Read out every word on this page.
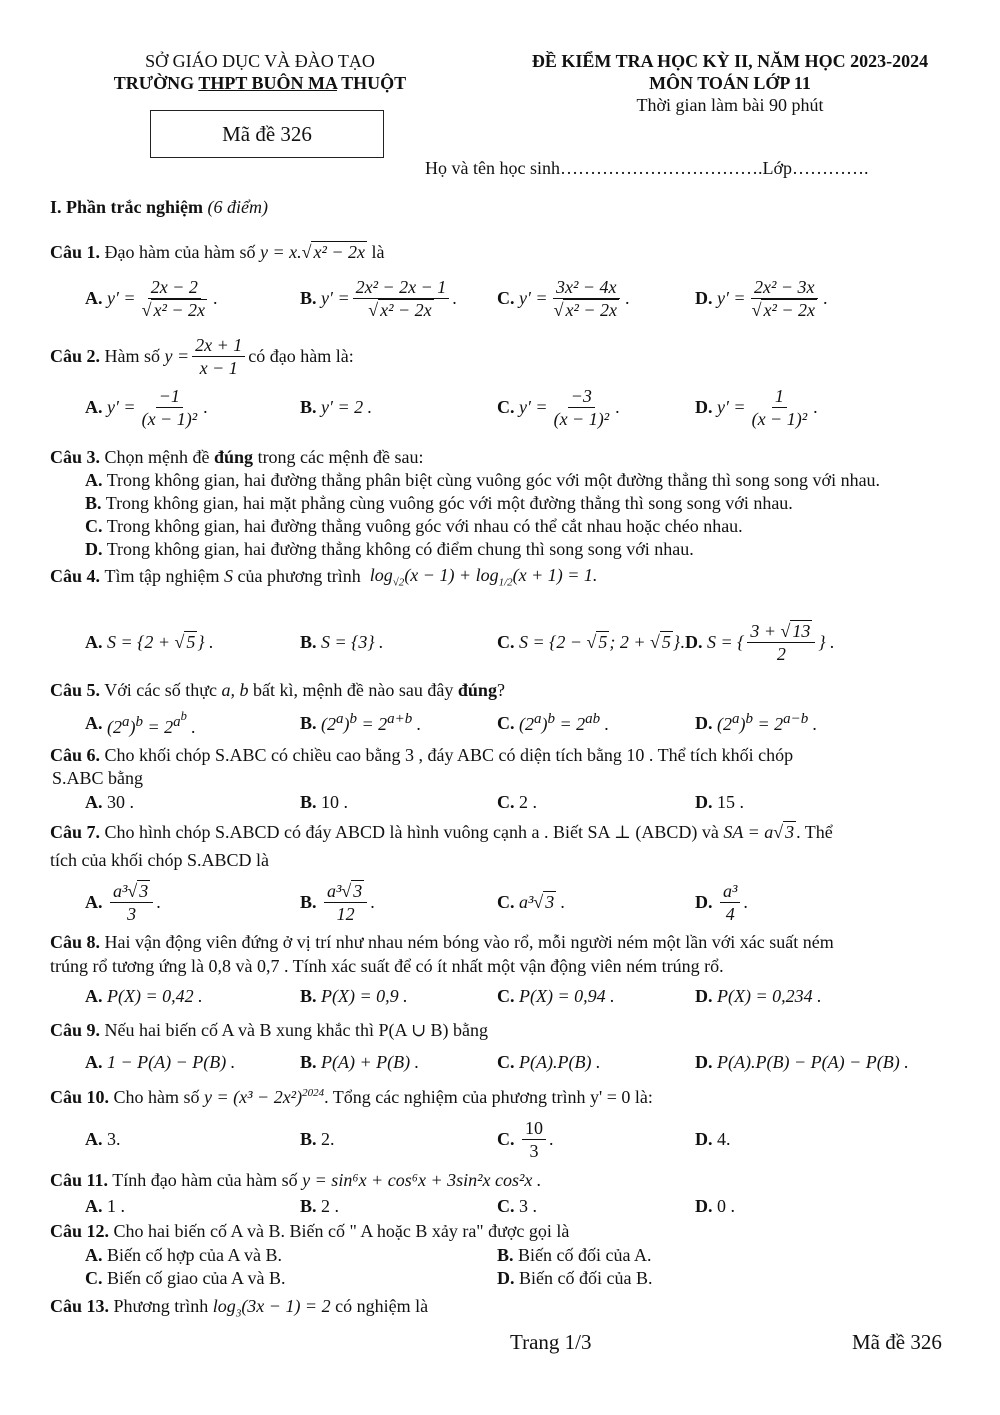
SỞ GIÁO DỤC VÀ ĐÀO TẠO
TRƯỜNG THPT BUÔN MA THUỘT
ĐỀ KIỂM TRA HỌC KỲ II, NĂM HỌC 2023-2024
MÔN TOÁN LỚP 11
Thời gian làm bài 90 phút
Mã đề 326
Họ và tên học sinh…………………………….Lớp………….
I. Phần trắc nghiệm (6 điểm)
Câu 1. Đạo hàm của hàm số y = x.√ x² − 2x là
A.
$y' = \frac{2x - 2}{\text{√ x² − 2x}}$ .	B.
$y' = \frac{\text{2x² − 2x − 1}}{\text{√ x² − 2x}}$ . C.
$y' = \frac{\text{3x² − 4x}}{\text{√ x² − 2x}}$ .	D.
$y' = \frac{\text{2x² − 3x}}{\text{√ x² − 2x}}$ .
Câu 2.
Hàm số
$y = \frac{2x + 1}{x - 1}$ có đạo hàm là:
A.
$y' = \frac{-1}{\text{(x − 1)²}}$ .	B.
y′ = 2 .	C.
$y' = \frac{-3}{\text{(x − 1)²}}$ .	D.
$y' = \frac{1}{\text{(x − 1)²}}$ .
Câu 3. Chọn mệnh đề đúng trong các mệnh đề sau:
A. Trong không gian, hai đường thẳng phân biệt cùng vuông góc với một đường thẳng thì song song với nhau.
B. Trong không gian, hai mặt phẳng cùng vuông góc với một đường thẳng thì song song với nhau.
C. Trong không gian, hai đường thẳng vuông góc với nhau có thể cắt nhau hoặc chéo nhau.
D. Trong không gian, hai đường thẳng không có điểm chung thì song song với nhau.
Câu 4.
Tìm tập nghiệm
S
của phương trình
$\log_{√2}(x - 1) + \log_{1/2}(x + 1) = 1$.
A.
S = {2 + √ 5 } .	B.
S = {3} .	C.
S = {2 − √ 5 ; 2 + √ 5 } . D.
S = { $\frac{3 + √ 13}{2}$ } .
Câu 5. Với các số thực a, b bất kì, mệnh đề nào sau đây đúng?
A.
$(2^a)^b = 2^{a^b}$ .	B.
$(2^a)^b = 2^{a+b}$ .	C.
$(2^a)^b = 2^{ab}$ .	D.
$(2^a)^b = 2^{a-b}$ .
Câu 6. Cho khối chóp S.ABC có chiều cao bằng 3 , đáy ABC có diện tích bằng 10 . Thể tích khối chóp
S.ABC bằng
A. 30 .	B. 10 .	C. 2 .	D. 15 .
Câu 7. Cho hình chóp S.ABCD có đáy ABCD là hình vuông cạnh a . Biết SA ⊥ (ABCD) và SA = a√ 3 . Thể
tích của khối chóp S.ABCD là
A.
$\frac{\text{a³√ 3}}{3}$ .	B.
$\frac{\text{a³√ 3}}{12}$ .	C.
a³√ 3 .	D.
$\frac{\text{a³}}{4}$ .
Câu 8. Hai vận động viên đứng ở vị trí như nhau ném bóng vào rổ, mỗi người ném một lần với xác suất ném
trúng rổ tương ứng là 0,8 và 0,7 . Tính xác suất để có ít nhất một vận động viên ném trúng rổ.
A. P(X) = 0,42 .	B. P(X) = 0,9 .	C. P(X) = 0,94 .	D. P(X) = 0,234 .
Câu 9. Nếu hai biến cố A và B xung khắc thì P(A ∪ B) bằng
A. 1 − P(A) − P(B) .	B. P(A) + P(B) .	C. P(A).P(B) .	D. P(A).P(B) − P(A) − P(B) .
Câu 10. Cho hàm số $y = (x^3 - 2x^2)^{2024}$. Tổng các nghiệm của phương trình y' = 0 là:
A.
3.	B.
2.	C.
$\frac{10}{3}$ .	D.
4.
Câu 11. Tính đạo hàm của hàm số y = sin⁶x + cos⁶x + 3sin²x cos²x .
A. 1 .	B. 2 .	C. 3 .	D. 0 .
Câu 12. Cho hai biến cố A và B. Biến cố " A hoặc B xảy ra" được gọi là
A. Biến cố hợp của A và B.	B. Biến cố đối của A.
C. Biến cố giao của A và B.	D. Biến cố đối của B.
Câu 13. Phương trình $\log_3(3x - 1) = 2$ có nghiệm là
Trang 1/3	Mã đề 326
